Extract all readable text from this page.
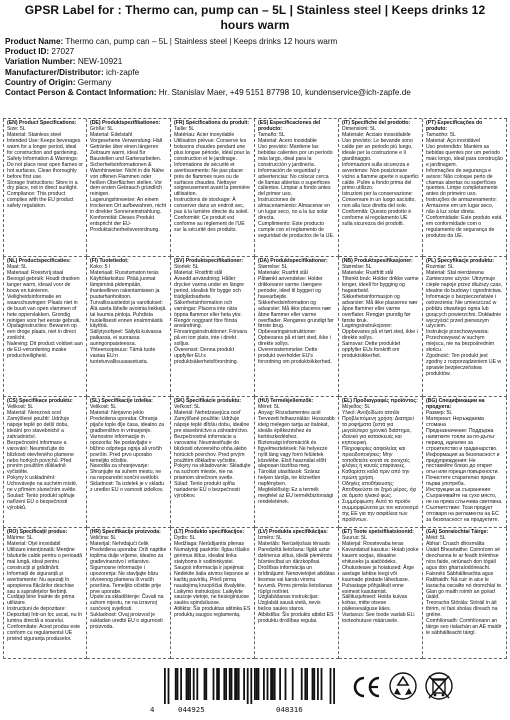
GPSR Label for : Thermo can, pump can – 5L | Stainless steel | Keeps drinks 12 hours warm
Product Name: Thermo can, pump can – 5L | Stainless steel | Keeps drinks 12 hours warm
Product ID: 27027
Variation Number: NEW-10921
Manufacturer/Distributor: ich-zapfe
Country of Origin: Germany
Contact Person & Contact Information: Hr. Stanislav Maer, +49 5151 87798 10, kundenservice@ich-zapfe.de
(EN) Product Specifications:
Size: 5L
Material: Stainless steel
Intended Use: Keeps beverages warm for a longer period, ideal for construction and gardening.
Safety Information & Warnings: Do not place near open flames or hot surfaces. Clean thoroughly before first use.
Storage Instructions: Store in a dry place, not in direct sunlight.
Compliance: This product complies with the EU product safety regulation.
(DE) Produktspezifikationen:
Größe: 5L
Material: Edelstahl
Vorgesehene Verwendung: Hält Getränke über einen längeren Zeitraum warm, ideal für Baustellen und Gartenarbeiten.
Sicherheitsinformationen & Warnhinweise: Nicht in die Nähe von offenen Flammen oder heißen Oberflächen stellen. Vor dem ersten Gebrauch gründlich reinigen.
Lagerungshinweise: An einem trockenen Ort aufbewahren, nicht in direkter Sonneneinstrahlung.
Konformität: Dieses Produkt entspricht der EU-Produktsicherheitsverordnung.
(FR) Spécifications du produit:
Taille: 5L
Matériau: Acier inoxydable
Utilisation prévue: Conserve les boissons chaudes pendant une plus longue période, idéal pour la construction et le jardinage.
Informations de sécurité et avertissements: Ne pas placer près de flammes nues ou de surfaces chaudes. Nettoyer soigneusement avant la première utilisation.
Instructions de stockage: À conserver dans un endroit sec, pas à la lumière directe du soleil.
Conformité: Ce produit est conforme au règlement de l'UE sur la sécurité des produits.
(ES) Especificaciones del producto:
Tamaño: 5L
Material: Acero inoxidable
Uso previsto: Mantiene las bebidas calientes por un período más largo, ideal para la construcción y jardinería.
Información de seguridad y advertencias: No colocar cerca de llamas abiertas o superficies calientes. Limpiar a fondo antes del primer uso.
Instrucciones de almacenamiento: Almacenar en un lugar seco, no a la luz solar directa.
Cumplimiento: Este producto cumple con el reglamento de seguridad de productos de la UE.
(IT) Specifiche del prodotto:
Dimensioni: 5L
Materiale: Acciaio inossidabile
Uso previsto: Le bevande sono calde per un periodo più lungo, ideale per la costruzione e il giardinaggio.
Informazioni sulla sicurezza e avvertenze: Non posizionare vicino a fiamme aperte o superfici calde. Pulire a fondo prima del primo utilizzo.
Istruzioni per la conservazione: Conservare in un luogo asciutto, non alla luce diretta del sole.
Conformità: Questo prodotto è conforme al regolamento UE sulla sicurezza dei prodotti.
(PT) Especificações do produto:
Tamanho: 5L
Material: Aço inoxidável
Uso pretendido: Mantém as bebidas quentes por um período mais longo, ideal para construção e jardinagem.
Informações de segurança e avisos: Não coloque perto de chamas abertas ou superfícies quentes. Limpe completamente antes do primeiro uso.
Instruções de armazenamento: Armazene em um lugar seco, não à luz solar direta.
Conformidade: Este produto está em conformidade com o regulamento de segurança de produtos da UE.
(NL) Productspecificaties:
Maat: 5L
Materiaal: Roestvrij staal
Beoogd gebruik: Houdt dranken langer warm, ideaal voor de bouw en tuinieren.
Veiligheidsinformatie en waarschuwingen: Plaats niet in de buurt van open vlammen of hete oppervlakken. Grondig reinigen voor het eerste gebruik.
Opslaginstructies: Bewaren op een droge plaats, niet in direct zonlicht.
Naleving: Dit product voldoet aan de EU-verordening inzake productveiligheid.
(FI) Tuotetiedot:
Koko: 5 l
Materiaali: Ruostumaton teräs
Käyttötarkoitus: Pitää juomat lämpiminä pidempään, ihanteellinen rakentamiseen ja puutarhanhoitoon.
Turvallisuustiedot ja varoitukset: Älä aseta lähelle avoimia liekkejä tai kuumia pintoja. Puhdista huolellisesti ennen ensimmäistä käyttöä.
Säilytysohjeet: Säilytä kuivassa paikassa, ei suorassa auringonpaisteessa.
Yhteensopivuus: Tämä tuote vastaa EU:n tuoteturvallisuusasetusta.
(SV) Produktspecifikationer:
Storlek: 5L
Material: Rostfritt stål
Avsedd användning: Håller drycker varma under en längre period, idealisk för bygge och trädgårdsarbete.
Säkerhetsinformation och varningar: Placera inte nära öppna flammor eller heta ytor. Rengör noggrant före första användning.
Förvaringsinstruktioner: Förvara på en torr plats, inte i direkt solljus.
Överensst: Denna produkt uppfyller EU:s produktsäkerhetsförordning.
(DA) Produktspecifikationer:
Størrelse: 5L
Materiale: Rustfrit stål
Påtænkt anvendelse: Holder drikkevarer varme i længere perioder, ideel til byggeri og havearbejde.
Sikkerhedsinformation og advarsler: Må ikke placeres nær åbne flammer eller varme overflader. Rengøres grundigt før første brug.
Opbevaringsinstruktioner: Opbevares på et tørt sted, ikke i direkte sollys.
Overensstemmelse: Dette produkt overholder EU's forordning om produktsikkerhed.
(NB) Produktspesifikasjoner:
Størrelse: 5L
Materiale: Rustfritt stål
Tiltenkt bruk: Holder drikke varme lenger, ideell for bygging og hagearbeid.
Sikkerhetsinformasjon og advarsler: Må ikke plasseres nær åpne flammer eller varme overflater. Rengjør grundig før første bruk.
Lagringsinstruksjoner: Oppbevares på et tørt sted, ikke i direkte sollys.
Samsvar: Dette produktet oppfyller EUs forskrift om produktsikkerhet.
(PL) Specyfikacje produktu:
Rozmiar: 5L
Materiał: Stal nierdzewna
Zamierzone użycie: Utrzymuje ciepłe napoje przez dłuższy czas, idealne do budowy i ogrodnictwa.
Informacje o bezpieczeństwie i ostrzeżenia: Nie umieszczać w pobliżu otwartego ognia lub gorących powierzchni. Dokładnie wyczyścić przed pierwszym użyciem.
Instrukcje przechowywania: Przechowywać w suchym miejscu, nie na bezpośrednim słońcu.
Zgodność: Ten produkt jest zgodny z rozporządzeniem UE w sprawie bezpieczeństwa produktów.
(CS) Specifikace produktu:
Velikost: 5L
Materiál: Nerezová ocel
Zamýšlené použití: Udržuje nápoje teplé po delší dobu, ideální pro stavebnictví a zahradnictví.
Bezpečnostní informace a varování: Neumisťujte do blízkosti otevřeného plamene nebo horkých povrchů. Před prvním použitím důkladně vyčistěte.
Pokyny k uskladnění: Uchovávejte na suchém místě, ne v přímém slunečním světle.
Soulad: Tento produkt splňuje nařízení EU o bezpečnosti výrobků.
(SL) Specifikacije izdelka:
Velikost: 5L
Material: Nerjavno jeklo
Predvidena uporaba: Ohranja pijače tople dlje časa, idealno za gradbeništvo in vrtnarjenje.
Varnostne informacije in opozorila: Ne postavljajte v bližino odprtega ognja ali vročih površin. Pred prvo uporabo temeljito očistite.
Navodila za shranjevanje: Shranjujte na suhem mestu, ne na neposredni sončni svetlobi.
Skladnost: Ta izdelek je v skladu z uredbo EU o varnosti izdelkov.
(SK) Špecifikácie produktu:
Veľkosť: 5L
Materiál: Nehrdzavejúca oceľ
Zamýšľané použitie: Udržuje nápoje teplé dlhšiu dobu, ideálne pre stavebníctvo a záhradníctvo.
Bezpečnostné informácie a varovania: Neumiestňujte do blízkosti otvoreného ohňa alebo horúcich povrchov. Pred prvým použitím dôkladne vyčistite.
Pokyny na skladovanie: Skladujte na suchom mieste, nie na priamom slnečnom svetle.
Súlad: Tento produkt spĺňa nariadenie EÚ o bezpečnosti výrobkov.
(HU) Termékjellemzők:
Méret: 5L
Anyag: Rozsdamentes acél
Tervezett felhasználás: Hosszabb ideig melegen tartja az italokat, ideális építkezéshez és kertészkedéshez.
Biztonsági információk és figyelmeztetések: Ne helyezze nyílt láng vagy forró felületek közelébe. Első használat előtt alaposan tisztítsa meg.
Tárolási utasítások: Száraz helyen tárolja, ne közvetlen napfényben.
Megfelelőség: Ez a termék megfelel az EU termékbiztonsági rendeletének.
(EL) Προδιαγραφές προϊόντος:
Μέγεθος: 5L
Υλικό: Ανοξείδωτο ατσάλι
Προβλεπόμενη χρήση: Διατηρεί τα ροφήματα ζεστά για μεγαλύτερο χρονικό διάστημα, ιδανικό για κατασκευές και κηπουρική.
Πληροφορίες ασφαλείας και προειδοποιήσεις: Μην τοποθετείτε κοντά σε ανοιχτές φλόγες ή καυτές επιφάνειες. Καθαρίστε καλά πριν από την πρώτη χρήση.
Οδηγίες αποθήκευσης: Αποθηκεύστε σε ξηρό μέρος, όχι σε άμεσο ηλιακό φως.
Συμμόρφωση: Αυτό το προϊόν συμμορφώνεται με τον κανονισμό της ΕΕ για την ασφάλεια των προϊόντων.
(BG) Спецификации на продукта:
Размер: 5L
Материал: Неръждаема стомана
Предназначение: Поддържа напитките топли за по-дълъг период, идеален за строителство и градинарство.
Информация за безопасност и предупреждения: Не поставяйте близо до открит огън или горещи повърхности. Почистете старателно преди първа употреба.
Инструкции за съхранение: Съхранявайте на сухо място, не на пряка слънчева светлина.
Съответствие: Този продукт отговаря на регламента на ЕС за безопасност на продуктите.
(RO) Specificații produs:
Mărime: 5L
Material: Oțel inoxidabil
Utilizare intenționată: Menține băuturile calde pentru o perioadă mai lungă, ideal pentru construcții și grădinărit.
Informații de siguranță și avertismente: Nu așezați în apropierea flăcărilor deschise sau a suprafețelor fierbinți. Curățați bine înainte de prima utilizare.
Instrucțiuni de depozitare: Depozitați într-un loc uscat, nu în lumina directă a soarelui.
Conformitate: Acest produs este conform cu regulamentul UE privind siguranța produselor.
(HR) Specifikacije proizvoda:
Veličina: 5L
Materijal: Nehrđajući čelik
Predviđena uporaba: Drži napitke toplima dulje vrijeme, idealno za građevinarstvo i vrtlarstvo.
Sigurnosne informacije i upozorenja: Ne stavljajte blizu otvorenog plamena ili vrućih površina. Temeljito očistite prije prve uporabe.
Upute za skladištenje: Čuvati na suhom mjestu, ne na izravnoj sunčevoj svjetlosti.
Sukladnost: Ovaj proizvod je sukladan uredbi EU o sigurnosti proizvoda.
(LT) Produkto specifikacijos:
Dydis: 5L
Medžiaga: Nerūdijantis plienas
Numatytoji paskirtis: Ilgiau išlaiko gėrimus šiltus, idealiai tinka statyboms ir sodininkystei.
Saugos informacija ir įspėjimai: Nedėkite šalia atviros liepsnos ar karštų paviršių. Prieš pirmą naudojimą kruopščiai išvalykite.
Laikymo instrukcijos: Laikykite sausoje vietoje, ne tiesioginiuose saulės spinduliuose.
Atitiktis: Šis produktas atitinka ES produktų saugos reglamentą.
(LV) Produkta specifikācijas:
Izmērs: 5L
Materiāls: Nerūsējošais tērauds
Paredzētā lietošana: Ilgāk uztur dzērienus siltus, ideāli piemērots būvniecībai un dārzkopībai.
Drošības informācija un brīdinājumi: Nenovietojiet atklātas liesmas vai karstu virsmu tuvumā. Pirms pirmās lietošanas rūpīgi notīriet.
Uzglabāšanas instrukcijas: Uzglabāt sausā vietā, nevis tiešos saules staros.
Atbilstība: Šis produkts atbilst ES produktu drošības regulai.
(ET) Toote spetsifikatsioonid:
Suurus: 5L
Materjal: Roostevaba teras
Kavandatud kasutus: Hoiab jooke kauem soojas, ideaalne ehituseks ja aiatöödeks.
Ohutusteave ja hoiatused: Ärge asetage lahtise leegi või kuumade pindade lähedusse. Puhastage põhjalikult enne esimest kasutamist.
Säilitusjuhised: Hoida kuivas kohas, mitte otsese päikesevalguse käes.
Vastavus: See toode vastab ELi tooteohutuse määrusele.
(GA) Sonraíochtaí Táirge:
Méid: 5L
Ábhar: Cruach dhosmálta
Úsáid Bheartaithe: Coinníonn sé deochanna te ar feadh tréimhse níos faide, oiriúnach don tógáil agus don gharraíodóireacht.
Faisnéis Sábháilteachta agus Rabhaidh: Ná cuir in aice le lasracha oscailte nó dromchlaí te. Glan go maith roimh an gcéad úsáid.
Treoracha Stórála: Stóráil in áit thirim, ní faoi sholas díreach na gréine.
Comhlíonadh: Comhlíonann an táirge seo rialachán an AE maidir le sábháilteacht táirgí.
4	044925	048316
